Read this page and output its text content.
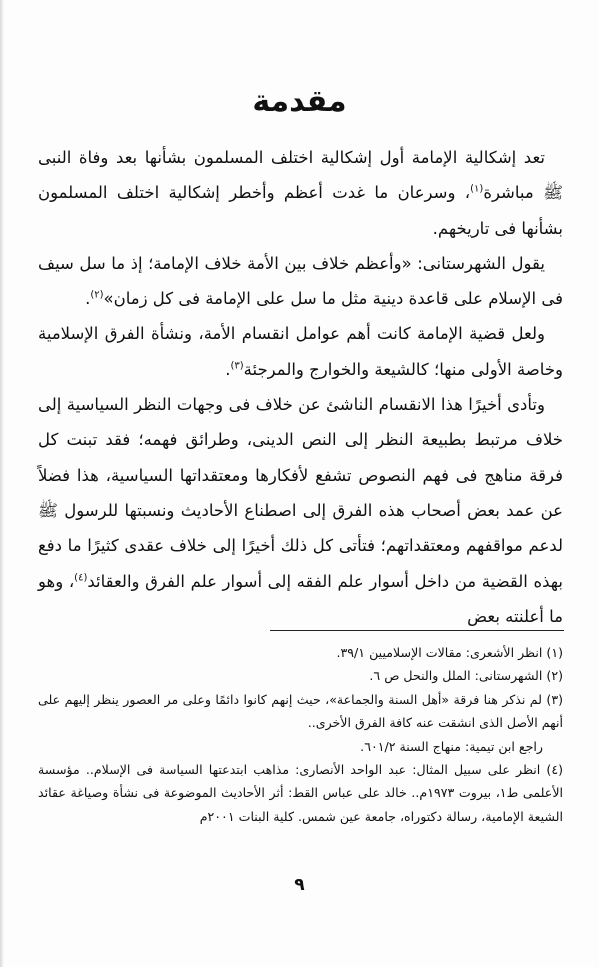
مقدمة

تعد إشكالية الإمامة أول إشكالية اختلف المسلمون بشأنها بعد وفاة النبى ﷺ مباشرة$^{(١)}$، وسرعان ما غدت أعظم وأخطر إشكالية اختلف المسلمون بشأنها فى تاريخهم.

يقول الشهرستانى: «وأعظم خلاف بين الأمة خلاف الإمامة؛ إذ ما سل سيف فى الإسلام على قاعدة دينية مثل ما سل على الإمامة فى كل زمان»$^{(٢)}$.

ولعل قضية الإمامة كانت أهم عوامل انقسام الأمة، ونشأة الفرق الإسلامية وخاصة الأولى منها؛ كالشيعة والخوارج والمرجئة$^{(٣)}$.

وتأدى أخيرًا هذا الانقسام الناشئ عن خلاف فى وجهات النظر السياسية إلى خلاف مرتبط بطبيعة النظر إلى النص الدينى، وطرائق فهمه؛ فقد تبنت كل فرقة مناهج فى فهم النصوص تشفع لأفكارها ومعتقداتها السياسية، هذا فضلاً عن عمد بعض أصحاب هذه الفرق إلى اصطناع الأحاديث ونسبتها للرسول ﷺ لدعم مواقفهم ومعتقداتهم؛ فتأتى كل ذلك أخيرًا إلى خلاف عقدى كثيرًا ما دفع بهذه القضية من داخل أسوار علم الفقه إلى أسوار علم الفرق والعقائد$^{(٤)}$، وهو ما أعلنته بعض

(١) انظر الأشعرى: مقالات الإسلاميين ٣٩/١.

(٢) الشهرستانى: الملل والنحل ص ٦.

(٣) لم نذكر هنا فرقة «أهل السنة والجماعة»، حيث إنهم كانوا دائمًا وعلى مر العصور ينظر إليهم على أنهم الأصل الذى انشقت عنه كافة الفرق الأخرى..

راجع ابن تيمية: منهاج السنة ٦٠١/٢.

(٤) انظر على سبيل المثال: عبد الواحد الأنصارى: مذاهب ابتدعتها السياسة فى الإسلام.. مؤسسة الأعلمى ط١، بيروت ١٩٧٣م.. خالد على عباس القط: أثر الأحاديث الموضوعة فى نشأة وصياغة عقائد الشيعة الإمامية، رسالة دكتوراه، جامعة عين شمس. كلية البنات ٢٠٠١م

٩
